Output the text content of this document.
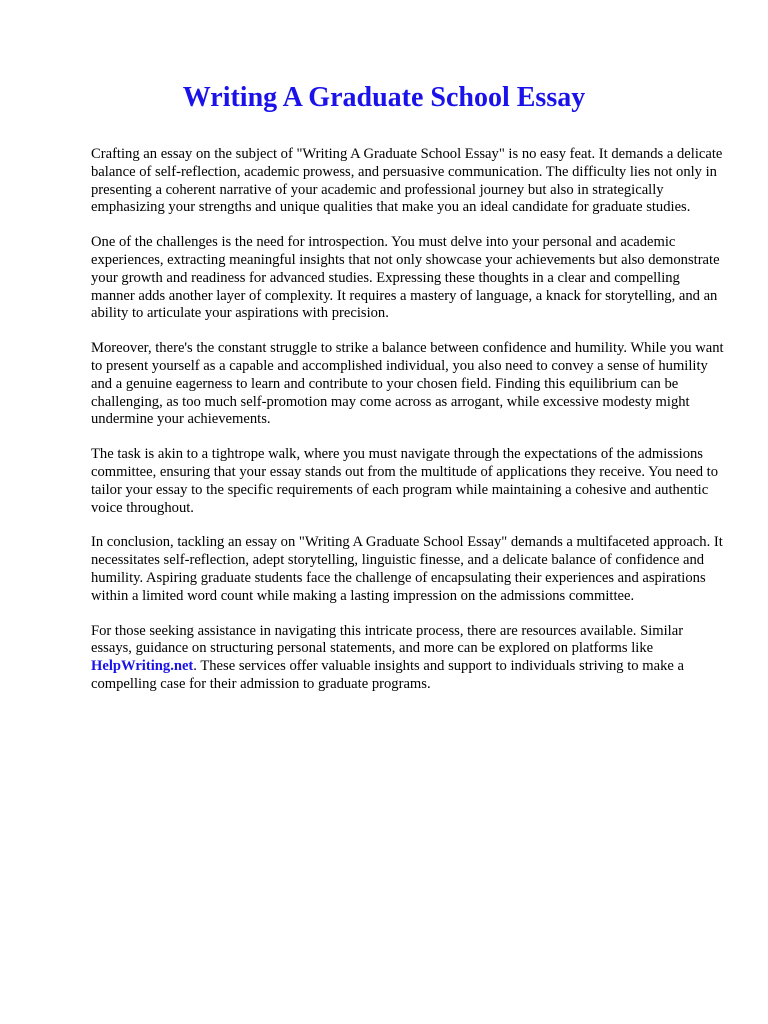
Writing A Graduate School Essay

Crafting an essay on the subject of "Writing A Graduate School Essay" is no easy feat. It demands a delicate balance of self-reflection, academic prowess, and persuasive communication. The difficulty lies not only in presenting a coherent narrative of your academic and professional journey but also in strategically emphasizing your strengths and unique qualities that make you an ideal candidate for graduate studies.

One of the challenges is the need for introspection. You must delve into your personal and academic experiences, extracting meaningful insights that not only showcase your achievements but also demonstrate your growth and readiness for advanced studies. Expressing these thoughts in a clear and compelling manner adds another layer of complexity. It requires a mastery of language, a knack for storytelling, and an ability to articulate your aspirations with precision.

Moreover, there's the constant struggle to strike a balance between confidence and humility. While you want to present yourself as a capable and accomplished individual, you also need to convey a sense of humility and a genuine eagerness to learn and contribute to your chosen field. Finding this equilibrium can be challenging, as too much self-promotion may come across as arrogant, while excessive modesty might undermine your achievements.

The task is akin to a tightrope walk, where you must navigate through the expectations of the admissions committee, ensuring that your essay stands out from the multitude of applications they receive. You need to tailor your essay to the specific requirements of each program while maintaining a cohesive and authentic voice throughout.

In conclusion, tackling an essay on "Writing A Graduate School Essay" demands a multifaceted approach. It necessitates self-reflection, adept storytelling, linguistic finesse, and a delicate balance of confidence and humility. Aspiring graduate students face the challenge of encapsulating their experiences and aspirations within a limited word count while making a lasting impression on the admissions committee.

For those seeking assistance in navigating this intricate process, there are resources available. Similar essays, guidance on structuring personal statements, and more can be explored on platforms like HelpWriting.net. These services offer valuable insights and support to individuals striving to make a compelling case for their admission to graduate programs.
